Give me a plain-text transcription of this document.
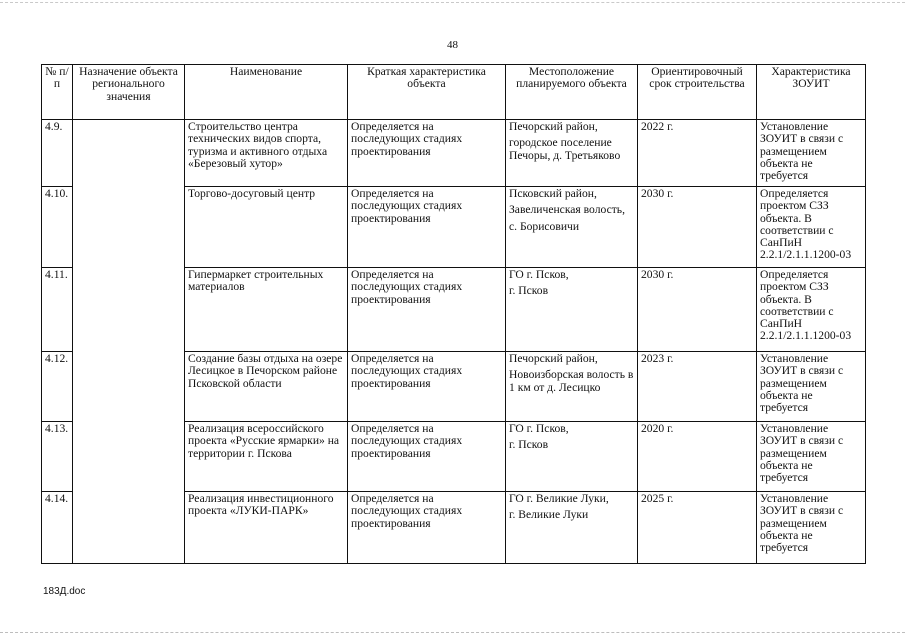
48
№ п/п	Назначение объекта регионального значения	Наименование	Краткая характеристика объекта	Местоположение планируемого объекта	Ориентировочный срок строительства	Характеристика ЗОУИТ
4.9.		Строительство центра технических видов спорта, туризма и активного отдыха «Березовый хутор»	Определяется на последующих стадиях проектирования	Печорский район,
городское поселение Печоры, д. Третьяково	2022 г.	Установление ЗОУИТ в связи с размещением объекта не требуется
4.10.		Торгово-досуговый центр	Определяется на последующих стадиях проектирования	Псковский район,
Завеличенская волость,
с. Борисовичи	2030 г.	Определяется проектом СЗЗ объекта. В соответствии с СанПиН 2.2.1/2.1.1.1200-03
4.11.		Гипермаркет строительных материалов	Определяется на последующих стадиях проектирования	ГО г. Псков,
г. Псков	2030 г.	Определяется проектом СЗЗ объекта. В соответствии с СанПиН 2.2.1/2.1.1.1200-03
4.12.		Создание базы отдыха на озере Лесицкое в Печорском районе Псковской области	Определяется на последующих стадиях проектирования	Печорский район,
Новоизборская волость в 1 км от д. Лесицко	2023 г.	Установление ЗОУИТ в связи с размещением объекта не требуется
4.13.		Реализация всероссийского проекта «Русские ярмарки» на территории г. Пскова	Определяется на последующих стадиях проектирования	ГО г. Псков,
г. Псков	2020 г.	Установление ЗОУИТ в связи с размещением объекта не требуется
4.14.		Реализация инвестиционного проекта «ЛУКИ-ПАРК»	Определяется на последующих стадиях проектирования	ГО г. Великие Луки,
г. Великие Луки	2025 г.	Установление ЗОУИТ в связи с размещением объекта не требуется
183Д.doc
